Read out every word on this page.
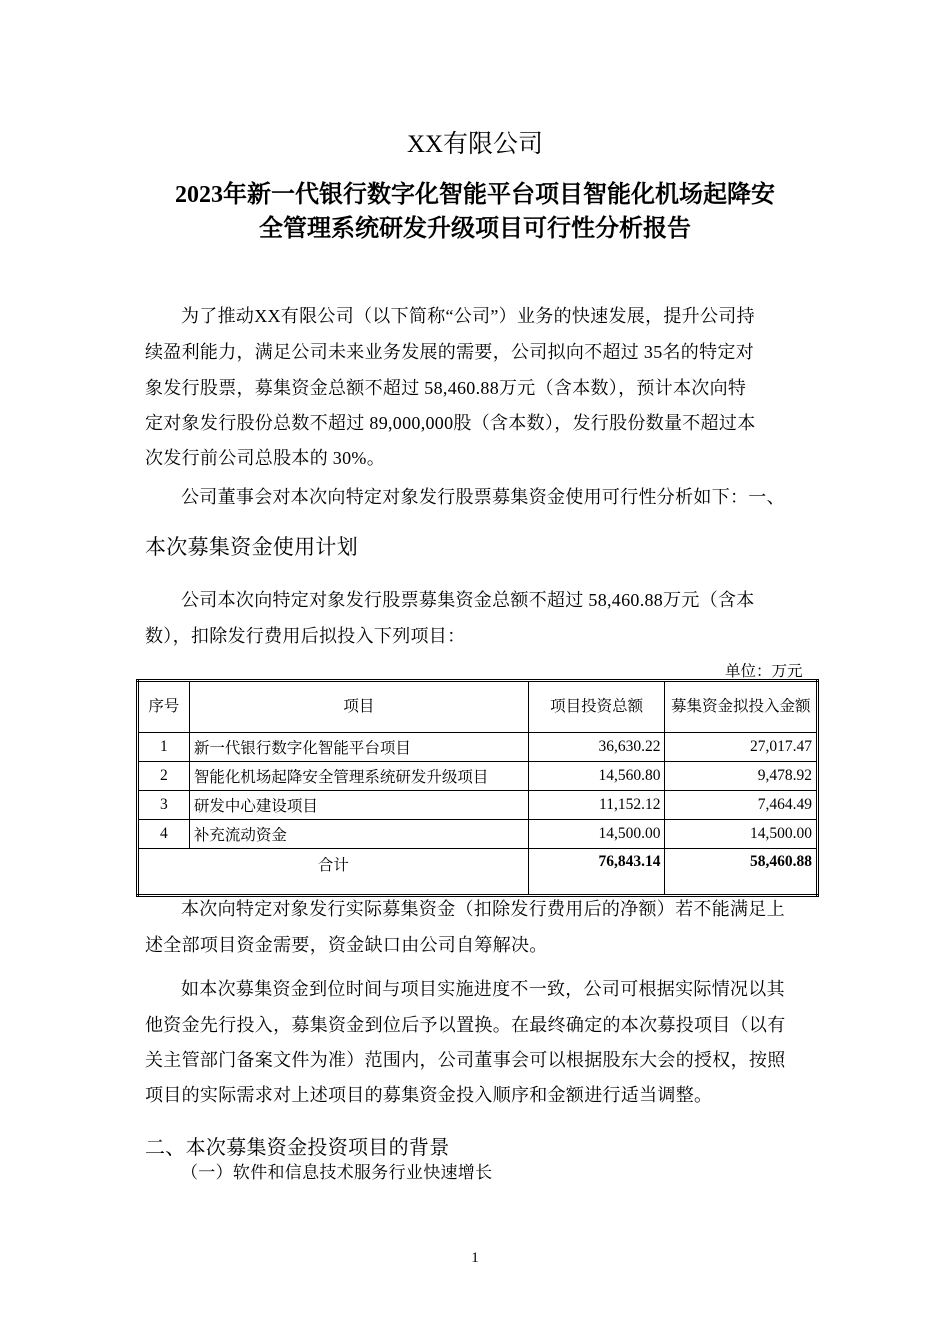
XX有限公司
2023年新一代银行数字化智能平台项目智能化机场起降安
全管理系统研发升级项目可行性分析报告
为了推动XX有限公司（以下简称“公司”）业务的快速发展，提升公司持
续盈利能力，满足公司未来业务发展的需要，公司拟向不超过 35名的特定对
象发行股票，募集资金总额不超过 58,460.88万元（含本数），预计本次向特
定对象发行股份总数不超过 89,000,000股（含本数），发行股份数量不超过本
次发行前公司总股本的 30%。
公司董事会对本次向特定对象发行股票募集资金使用可行性分析如下：一、
本次募集资金使用计划
公司本次向特定对象发行股票募集资金总额不超过 58,460.88万元（含本
数），扣除发行费用后拟投入下列项目：
单位：万元
序号	项目	项目投资总额	募集资金拟投入金额
1	新一代银行数字化智能平台项目	36,630.22	27,017.47
2	智能化机场起降安全管理系统研发升级项目	14,560.80	9,478.92
3	研发中心建设项目	11,152.12	7,464.49
4	补充流动资金	14,500.00	14,500.00
合计		76,843.14	58,460.88
本次向特定对象发行实际募集资金（扣除发行费用后的净额）若不能满足上
述全部项目资金需要，资金缺口由公司自筹解决。
如本次募集资金到位时间与项目实施进度不一致，公司可根据实际情况以其
他资金先行投入，募集资金到位后予以置换。在最终确定的本次募投项目（以有
关主管部门备案文件为准）范围内，公司董事会可以根据股东大会的授权，按照
项目的实际需求对上述项目的募集资金投入顺序和金额进行适当调整。
二、本次募集资金投资项目的背景
（一）软件和信息技术服务行业快速增长
1
